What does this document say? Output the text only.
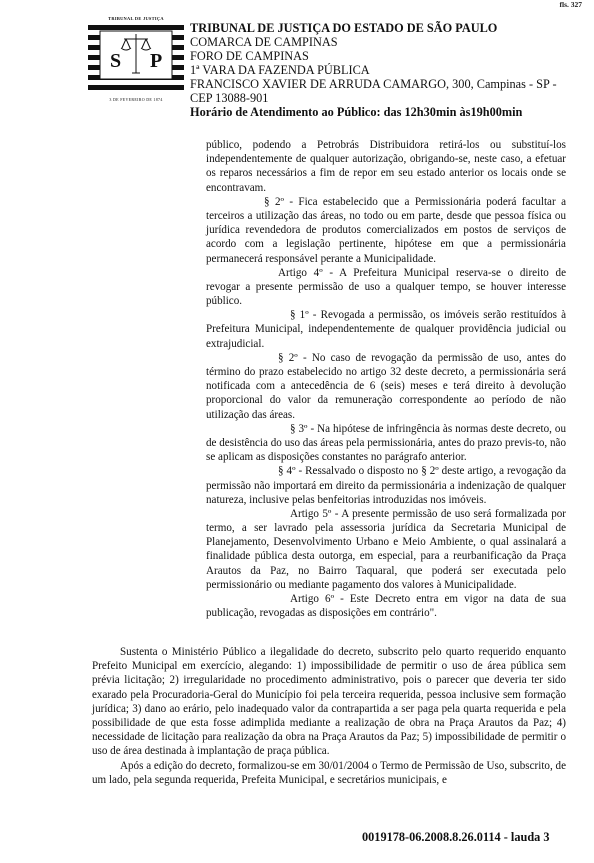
fls. 327
TRIBUNAL DE JUSTIÇA
S P
3 DE FEVEREIRO DE 1874
TRIBUNAL DE JUSTIÇA DO ESTADO DE SÃO PAULO
COMARCA DE CAMPINAS
FORO DE CAMPINAS
1ª VARA DA FAZENDA PÚBLICA
FRANCISCO XAVIER DE ARRUDA CAMARGO, 300, Campinas - SP -
CEP 13088-901
Horário de Atendimento ao Público: das 12h30min às19h00min

público, podendo a Petrobrás Distribuidora retirá-los ou substituí-los independentemente de qualquer autorização, obrigando-se, neste caso, a efetuar os reparos necessários a fim de repor em seu estado anterior os locais onde se encontravam.

§ 2º - Fica estabelecido que a Permissionária poderá facultar a terceiros a utilização das áreas, no todo ou em parte, desde que pessoa física ou jurídica revendedora de produtos comercializados em postos de serviços de acordo com a legislação pertinente, hipótese em que a permissionária permanecerá responsável perante a Municipalidade.

Artigo 4º - A Prefeitura Municipal reserva-se o direito de revogar a presente permissão de uso a qualquer tempo, se houver interesse público.

§ 1º - Revogada a permissão, os imóveis serão restituídos à Prefeitura Municipal, independentemente de qualquer providência judicial ou extrajudicial.

§ 2º - No caso de revogação da permissão de uso, antes do término do prazo estabelecido no artigo 32 deste decreto, a permissionária será notificada com a antecedência de 6 (seis) meses e terá direito à devolução proporcional do valor da remuneração correspondente ao período de não utilização das áreas.

§ 3º - Na hipótese de infringência às normas deste decreto, ou de desistência do uso das áreas pela permissionária, antes do prazo previs-to, não se aplicam as disposições constantes no parágrafo anterior.

§ 4º - Ressalvado o disposto no § 2º deste artigo, a revogação da permissão não importará em direito da permissionária a indenização de qualquer natureza, inclusive pelas benfeitorias introduzidas nos imóveis.

Artigo 5º - A presente permissão de uso será formalizada por termo, a ser lavrado pela assessoria jurídica da Secretaria Municipal de Planejamento, Desenvolvimento Urbano e Meio Ambiente, o qual assinalará a finalidade pública desta outorga, em especial, para a reurbanificação da Praça Arautos da Paz, no Bairro Taquaral, que poderá ser executada pelo permissionário ou mediante pagamento dos valores à Municipalidade.

Artigo 6º - Este Decreto entra em vigor na data de sua publicação, revogadas as disposições em contrário".

Sustenta o Ministério Público a ilegalidade do decreto, subscrito pelo quarto requerido enquanto Prefeito Municipal em exercício, alegando: 1) impossibilidade de permitir o uso de área pública sem prévia licitação; 2) irregularidade no procedimento administrativo, pois o parecer que deveria ter sido exarado pela Procuradoria-Geral do Município foi pela terceira requerida, pessoa inclusive sem formação jurídica; 3) dano ao erário, pelo inadequado valor da contrapartida a ser paga pela quarta requerida e pela possibilidade de que esta fosse adimplida mediante a realização de obra na Praça Arautos da Paz; 4) necessidade de licitação para realização da obra na Praça Arautos da Paz; 5) impossibilidade de permitir o uso de área destinada à implantação de praça pública.

Após a edição do decreto, formalizou-se em 30/01/2004 o Termo de Permissão de Uso, subscrito, de um lado, pela segunda requerida, Prefeita Municipal, e secretários municipais, e

0019178-06.2008.8.26.0114 - lauda 3
